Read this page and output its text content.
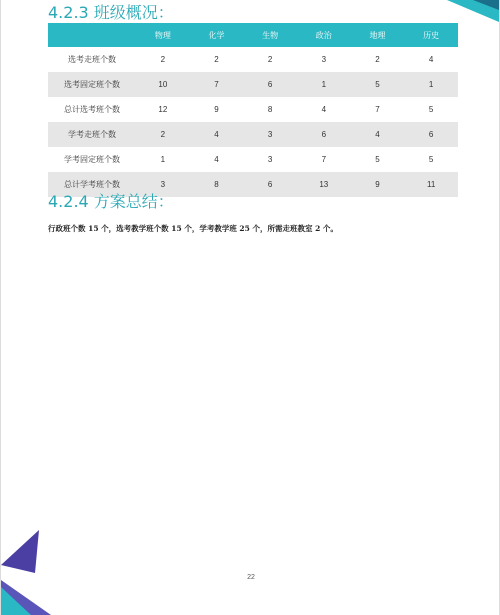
4.2.3 班级概况：
	物理	化学	生物	政治	地理	历史
选考走班个数	2	2	2	3	2	4
选考固定班个数	10	7	6	1	5	1
总计选考班个数	12	9	8	4	7	5
学考走班个数	2	4	3	6	4	6
学考固定班个数	1	4	3	7	5	5
总计学考班个数	3	8	6	13	9	11
4.2.4 方案总结：

行政班个数 15 个，选考教学班个数 15 个，学考教学班 25 个，所需走班教室 2 个。

22
